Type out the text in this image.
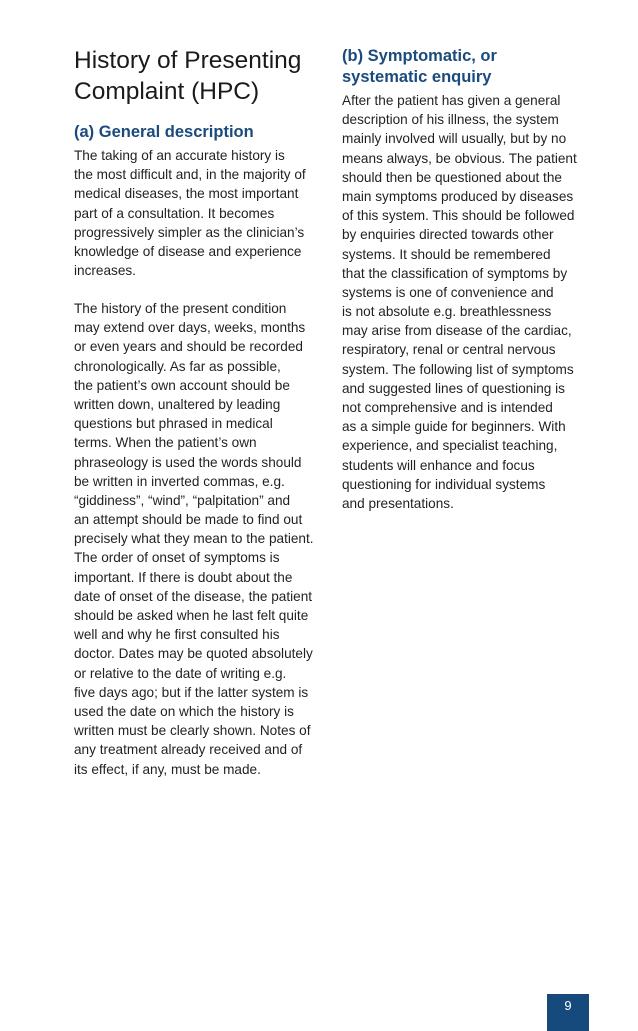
History of Presenting
Complaint (HPC)
(a) General description
The taking of an accurate history is
the most difficult and, in the majority of
medical diseases, the most important
part of a consultation. It becomes
progressively simpler as the clinician’s
knowledge of disease and experience
increases.
The history of the present condition
may extend over days, weeks, months
or even years and should be recorded
chronologically. As far as possible,
the patient’s own account should be
written down, unaltered by leading
questions but phrased in medical
terms. When the patient’s own
phraseology is used the words should
be written in inverted commas, e.g.
“giddiness”, “wind”, “palpitation” and
an attempt should be made to find out
precisely what they mean to the patient.
The order of onset of symptoms is
important. If there is doubt about the
date of onset of the disease, the patient
should be asked when he last felt quite
well and why he first consulted his
doctor. Dates may be quoted absolutely
or relative to the date of writing e.g.
five days ago; but if the latter system is
used the date on which the history is
written must be clearly shown. Notes of
any treatment already received and of
its effect, if any, must be made.
(b) Symptomatic, or
systematic enquiry
After the patient has given a general
description of his illness, the system
mainly involved will usually, but by no
means always, be obvious. The patient
should then be questioned about the
main symptoms produced by diseases
of this system. This should be followed
by enquiries directed towards other
systems. It should be remembered
that the classification of symptoms by
systems is one of convenience and
is not absolute e.g. breathlessness
may arise from disease of the cardiac,
respiratory, renal or central nervous
system. The following list of symptoms
and suggested lines of questioning is
not comprehensive and is intended
as a simple guide for beginners. With
experience, and specialist teaching,
students will enhance and focus
questioning for individual systems
and presentations.
9
